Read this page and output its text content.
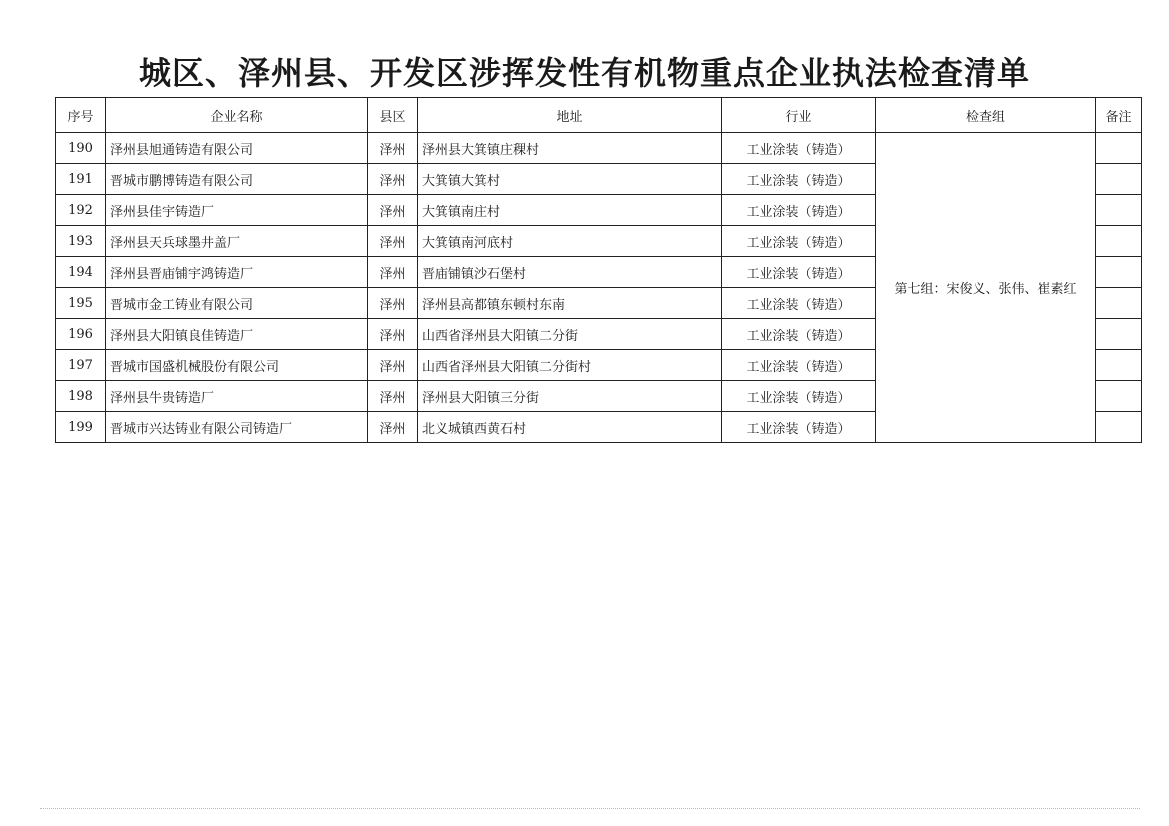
城区、泽州县、开发区涉挥发性有机物重点企业执法检查清单
序号	企业名称	县区	地址	行业	检查组	备注
190	泽州县旭通铸造有限公司	泽州	泽州县大箕镇庄稞村	工业涂装（铸造）	第七组：宋俊义、张伟、崔素红	
191	晋城市鹏博铸造有限公司	泽州	大箕镇大箕村	工业涂装（铸造）		
192	泽州县佳宇铸造厂	泽州	大箕镇南庄村	工业涂装（铸造）		
193	泽州县天兵球墨井盖厂	泽州	大箕镇南河底村	工业涂装（铸造）		
194	泽州县晋庙铺宇鸿铸造厂	泽州	晋庙铺镇沙石堡村	工业涂装（铸造）		
195	晋城市金工铸业有限公司	泽州	泽州县高都镇东顿村东南	工业涂装（铸造）		
196	泽州县大阳镇良佳铸造厂	泽州	山西省泽州县大阳镇二分街	工业涂装（铸造）		
197	晋城市国盛机械股份有限公司	泽州	山西省泽州县大阳镇二分街村	工业涂装（铸造）		
198	泽州县牛贵铸造厂	泽州	泽州县大阳镇三分街	工业涂装（铸造）		
199	晋城市兴达铸业有限公司铸造厂	泽州	北义城镇西黄石村	工业涂装（铸造）		
